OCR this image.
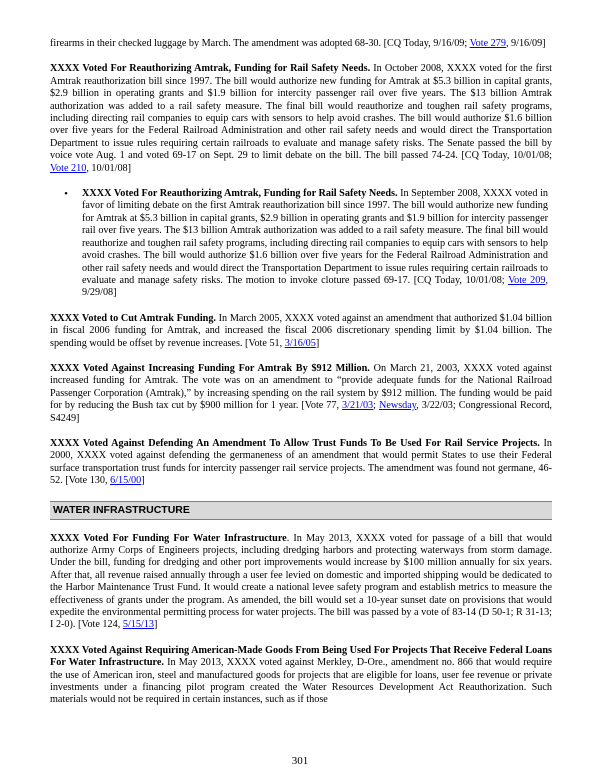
firearms in their checked luggage by March. The amendment was adopted 68-30. [CQ Today, 9/16/09; Vote 279, 9/16/09]

XXXX Voted For Reauthorizing Amtrak, Funding for Rail Safety Needs. In October 2008, XXXX voted for the first Amtrak reauthorization bill since 1997. The bill would authorize new funding for Amtrak at $5.3 billion in capital grants, $2.9 billion in operating grants and $1.9 billion for intercity passenger rail over five years. The $13 billion Amtrak authorization was added to a rail safety measure. The final bill would reauthorize and toughen rail safety programs, including directing rail companies to equip cars with sensors to help avoid crashes. The bill would authorize $1.6 billion over five years for the Federal Railroad Administration and other rail safety needs and would direct the Transportation Department to issue rules requiring certain railroads to evaluate and manage safety risks. The Senate passed the bill by voice vote Aug. 1 and voted 69-17 on Sept. 29 to limit debate on the bill. The bill passed 74-24. [CQ Today, 10/01/08; Vote 210, 10/01/08]

•	XXXX Voted For Reauthorizing Amtrak, Funding for Rail Safety Needs. In September 2008, XXXX voted in favor of limiting debate on the first Amtrak reauthorization bill since 1997. The bill would authorize new funding for Amtrak at $5.3 billion in capital grants, $2.9 billion in operating grants and $1.9 billion for intercity passenger rail over five years. The $13 billion Amtrak authorization was added to a rail safety measure. The final bill would reauthorize and toughen rail safety programs, including directing rail companies to equip cars with sensors to help avoid crashes. The bill would authorize $1.6 billion over five years for the Federal Railroad Administration and other rail safety needs and would direct the Transportation Department to issue rules requiring certain railroads to evaluate and manage safety risks. The motion to invoke cloture passed 69-17. [CQ Today, 10/01/08; Vote 209, 9/29/08]

XXXX Voted to Cut Amtrak Funding. In March 2005, XXXX voted against an amendment that authorized $1.04 billion in fiscal 2006 funding for Amtrak, and increased the fiscal 2006 discretionary spending limit by $1.04 billion. The spending would be offset by revenue increases. [Vote 51, 3/16/05]

XXXX Voted Against Increasing Funding For Amtrak By $912 Million. On March 21, 2003, XXXX voted against increased funding for Amtrak. The vote was on an amendment to “provide adequate funds for the National Railroad Passenger Corporation (Amtrak),” by increasing spending on the rail system by $912 million. The funding would be paid for by reducing the Bush tax cut by $900 million for 1 year. [Vote 77, 3/21/03; Newsday, 3/22/03; Congressional Record, S4249]

XXXX Voted Against Defending An Amendment To Allow Trust Funds To Be Used For Rail Service Projects. In 2000, XXXX voted against defending the germaneness of an amendment that would permit States to use their Federal surface transportation trust funds for intercity passenger rail service projects. The amendment was found not germane, 46-52. [Vote 130, 6/15/00]

WATER INFRASTRUCTURE

XXXX Voted For Funding For Water Infrastructure. In May 2013, XXXX voted for passage of a bill that would authorize Army Corps of Engineers projects, including dredging harbors and protecting waterways from storm damage. Under the bill, funding for dredging and other port improvements would increase by $100 million annually for six years. After that, all revenue raised annually through a user fee levied on domestic and imported shipping would be dedicated to the Harbor Maintenance Trust Fund. It would create a national levee safety program and establish metrics to measure the effectiveness of grants under the program. As amended, the bill would set a 10-year sunset date on provisions that would expedite the environmental permitting process for water projects. The bill was passed by a vote of 83-14 (D 50-1; R 31-13; I 2-0). [Vote 124, 5/15/13]

XXXX Voted Against Requiring American-Made Goods From Being Used For Projects That Receive Federal Loans For Water Infrastructure. In May 2013, XXXX voted against Merkley, D-Ore., amendment no. 866 that would require the use of American iron, steel and manufactured goods for projects that are eligible for loans, user fee revenue or private investments under a financing pilot program created the Water Resources Development Act Reauthorization. Such materials would not be required in certain instances, such as if those

301
